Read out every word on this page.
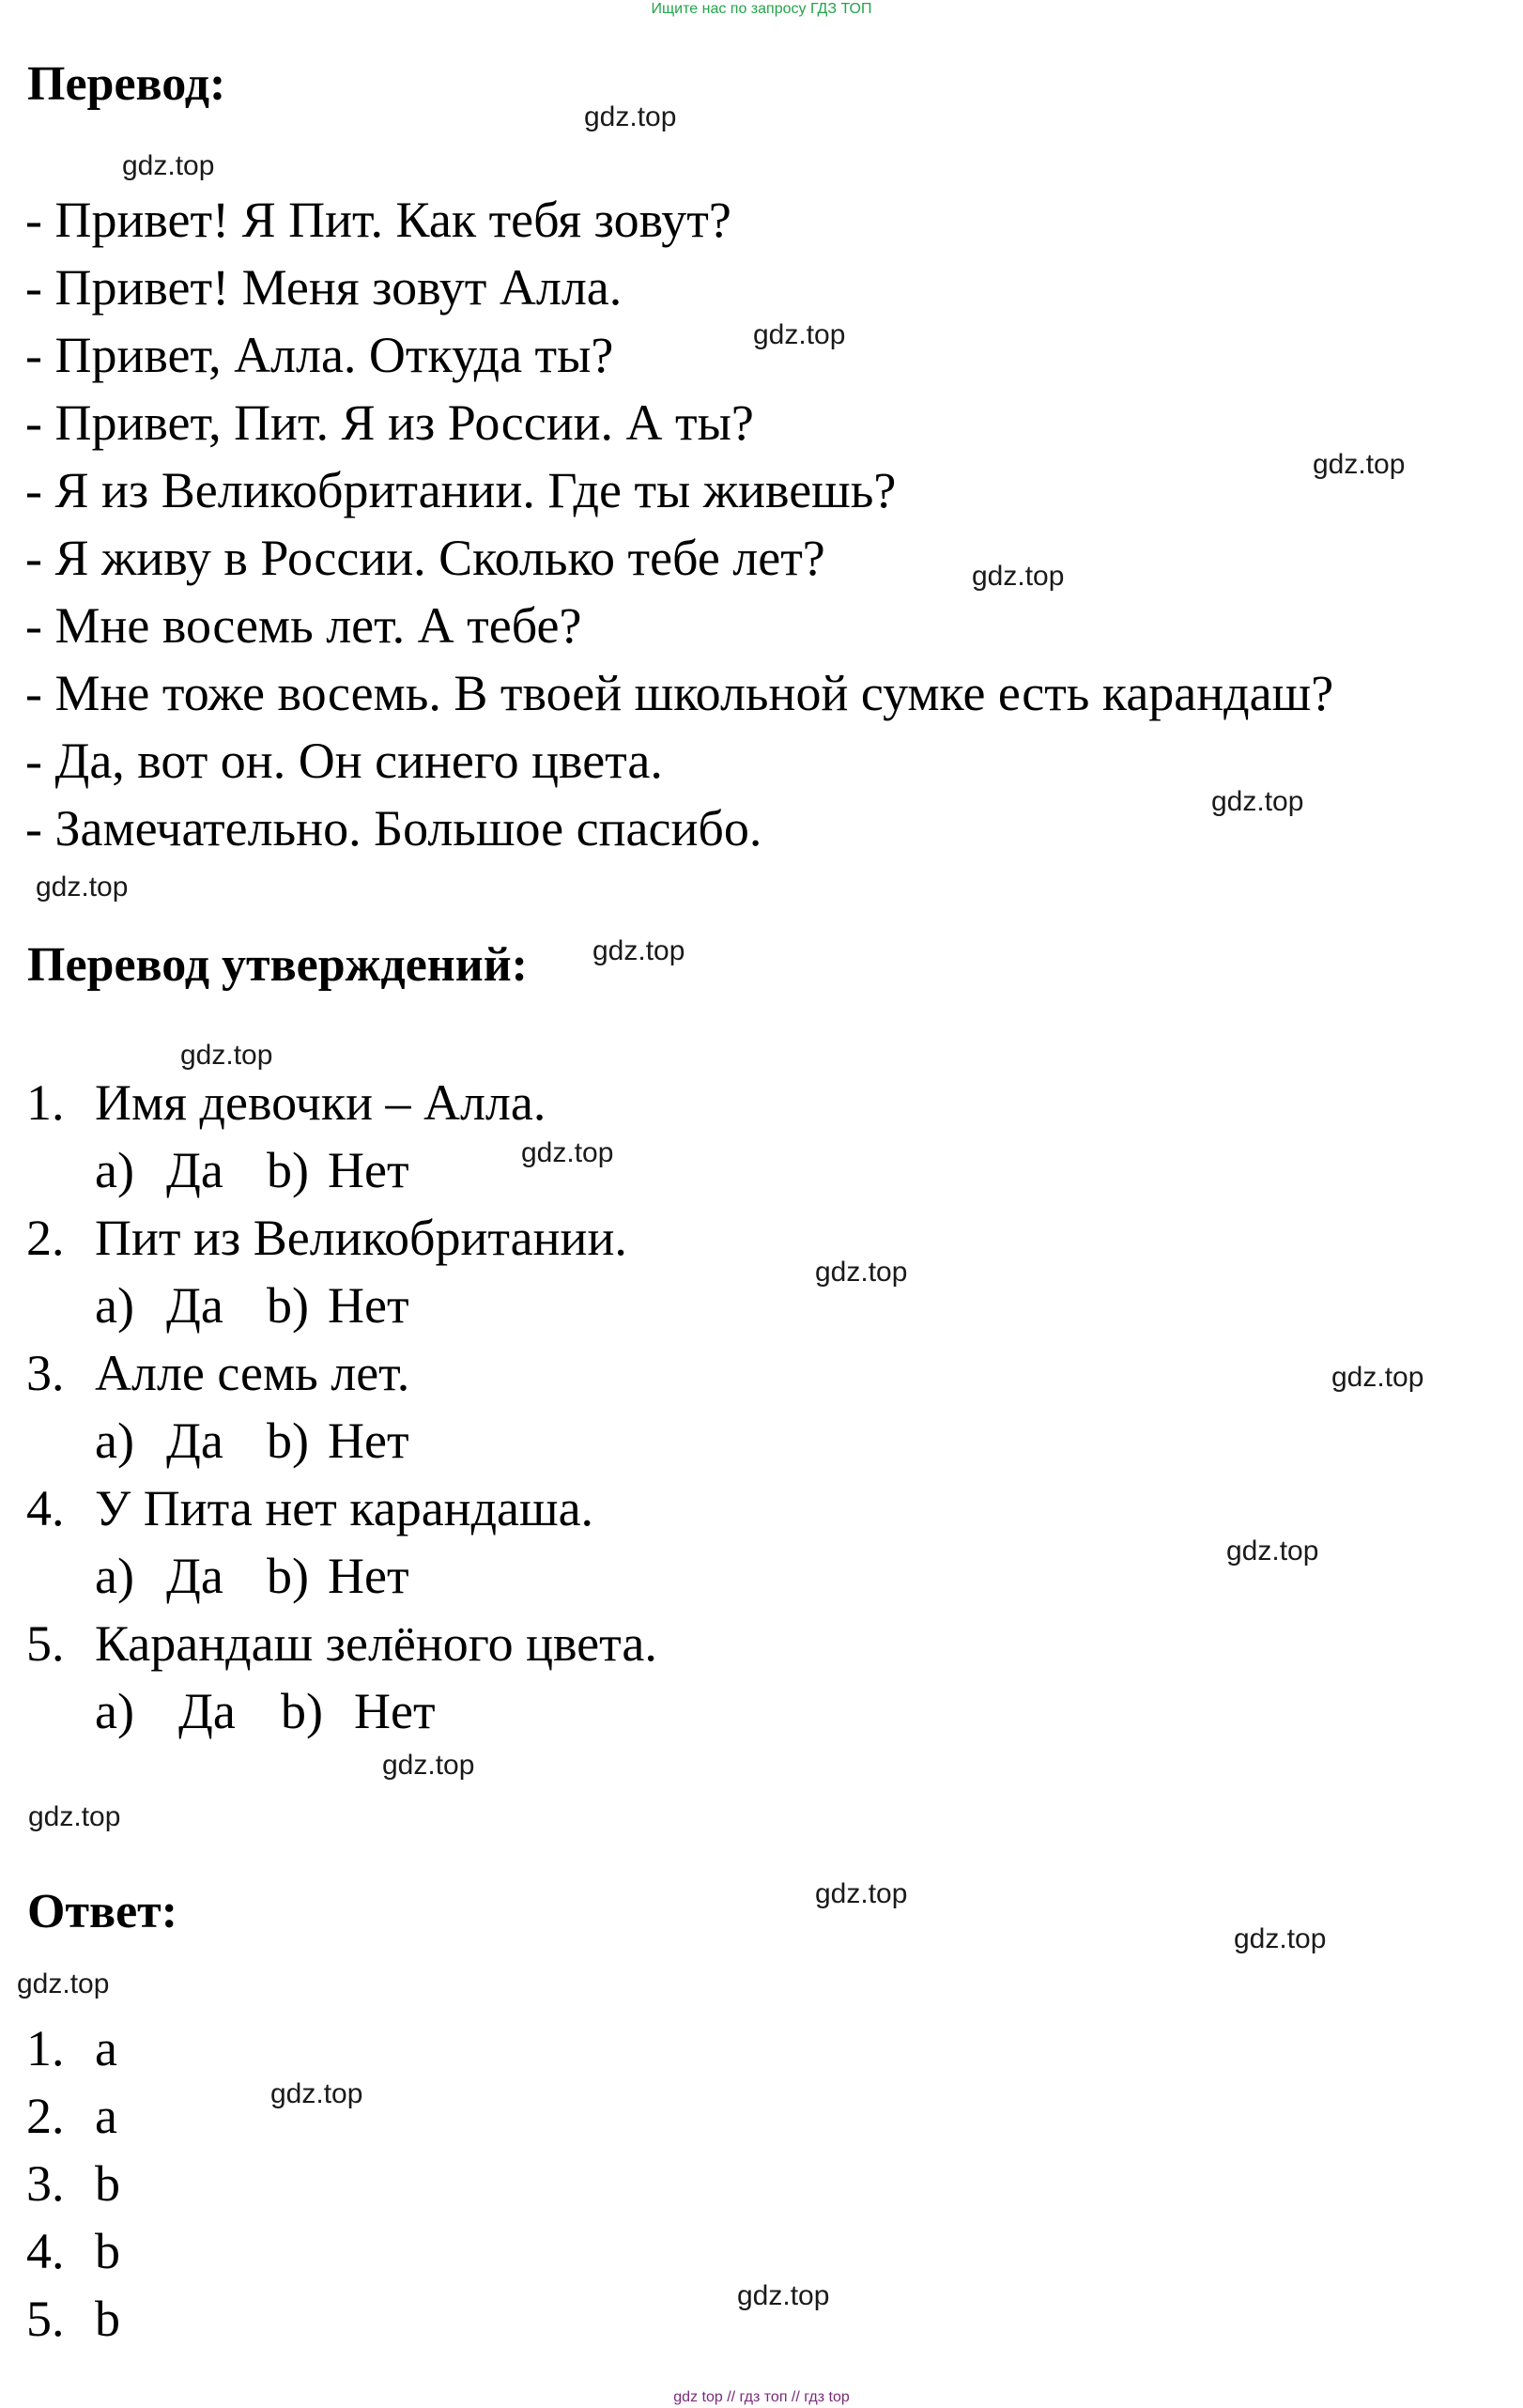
Ищите нас по запросу ГДЗ ТОП
Перевод:
- Привет! Я Пит. Как тебя зовут?
- Привет! Меня зовут Алла.
- Привет, Алла. Откуда ты?
- Привет, Пит. Я из России. А ты?
- Я из Великобритании. Где ты живешь?
- Я живу в России. Сколько тебе лет?
- Мне восемь лет. А тебе?
- Мне тоже восемь. В твоей школьной сумке есть карандаш?
- Да, вот он. Он синего цвета.
- Замечательно. Большое спасибо.
Перевод утверждений:
1. Имя девочки – Алла.
a) Да b) Нет
2. Пит из Великобритании.
a) Да b) Нет
3. Алле семь лет.
a) Да b) Нет
4. У Пита нет карандаша.
a) Да b) Нет
5. Карандаш зелёного цвета.
a) Да b) Нет
Ответ:
1. a
2. a
3. b
4. b
5. b
gdz.top
gdz.top
gdz.top
gdz.top
gdz.top
gdz.top
gdz.top
gdz.top
gdz.top
gdz.top
gdz.top
gdz.top
gdz.top
gdz.top
gdz.top
gdz.top
gdz.top
gdz.top
gdz.top
gdz.top
gdz top // гдз топ // гдз top
